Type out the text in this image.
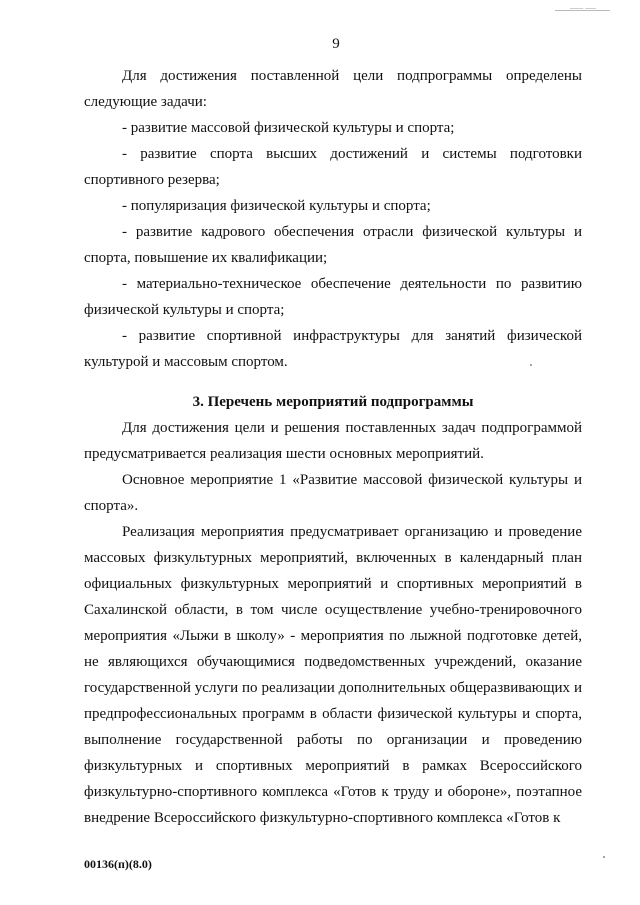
_____ ____
9

Для достижения поставленной цели подпрограммы определены следующие задачи:

- развитие массовой физической культуры и спорта;

- развитие спорта высших достижений и системы подготовки спортивного резерва;

- популяризация физической культуры и спорта;

- развитие кадрового обеспечения отрасли физической культуры и спорта, повышение их квалификации;

- материально-техническое обеспечение деятельности по развитию физической культуры и спорта;

- развитие спортивной инфраструктуры для занятий физической культурой и массовым спортом.

3. Перечень мероприятий подпрограммы

Для достижения цели и решения поставленных задач подпрограммой предусматривается реализация шести основных мероприятий.

Основное мероприятие 1 «Развитие массовой физической культуры и спорта».

Реализация мероприятия предусматривает организацию и проведение массовых физкультурных мероприятий, включенных в календарный план официальных физкультурных мероприятий и спортивных мероприятий в Сахалинской области, в том числе осуществление учебно-тренировочного мероприятия «Лыжи в школу» - мероприятия по лыжной подготовке детей, не являющихся обучающимися подведомственных учреждений, оказание государственной услуги по реализации дополнительных общеразвивающих и предпрофессиональных программ в области физической культуры и спорта, выполнение государственной работы по организации и проведению физкультурных и спортивных мероприятий в рамках Всероссийского физкультурно-спортивного комплекса «Готов к труду и обороне», поэтапное внедрение Всероссийского физкультурно-спортивного комплекса «Готов к

00136(п)(8.0)
